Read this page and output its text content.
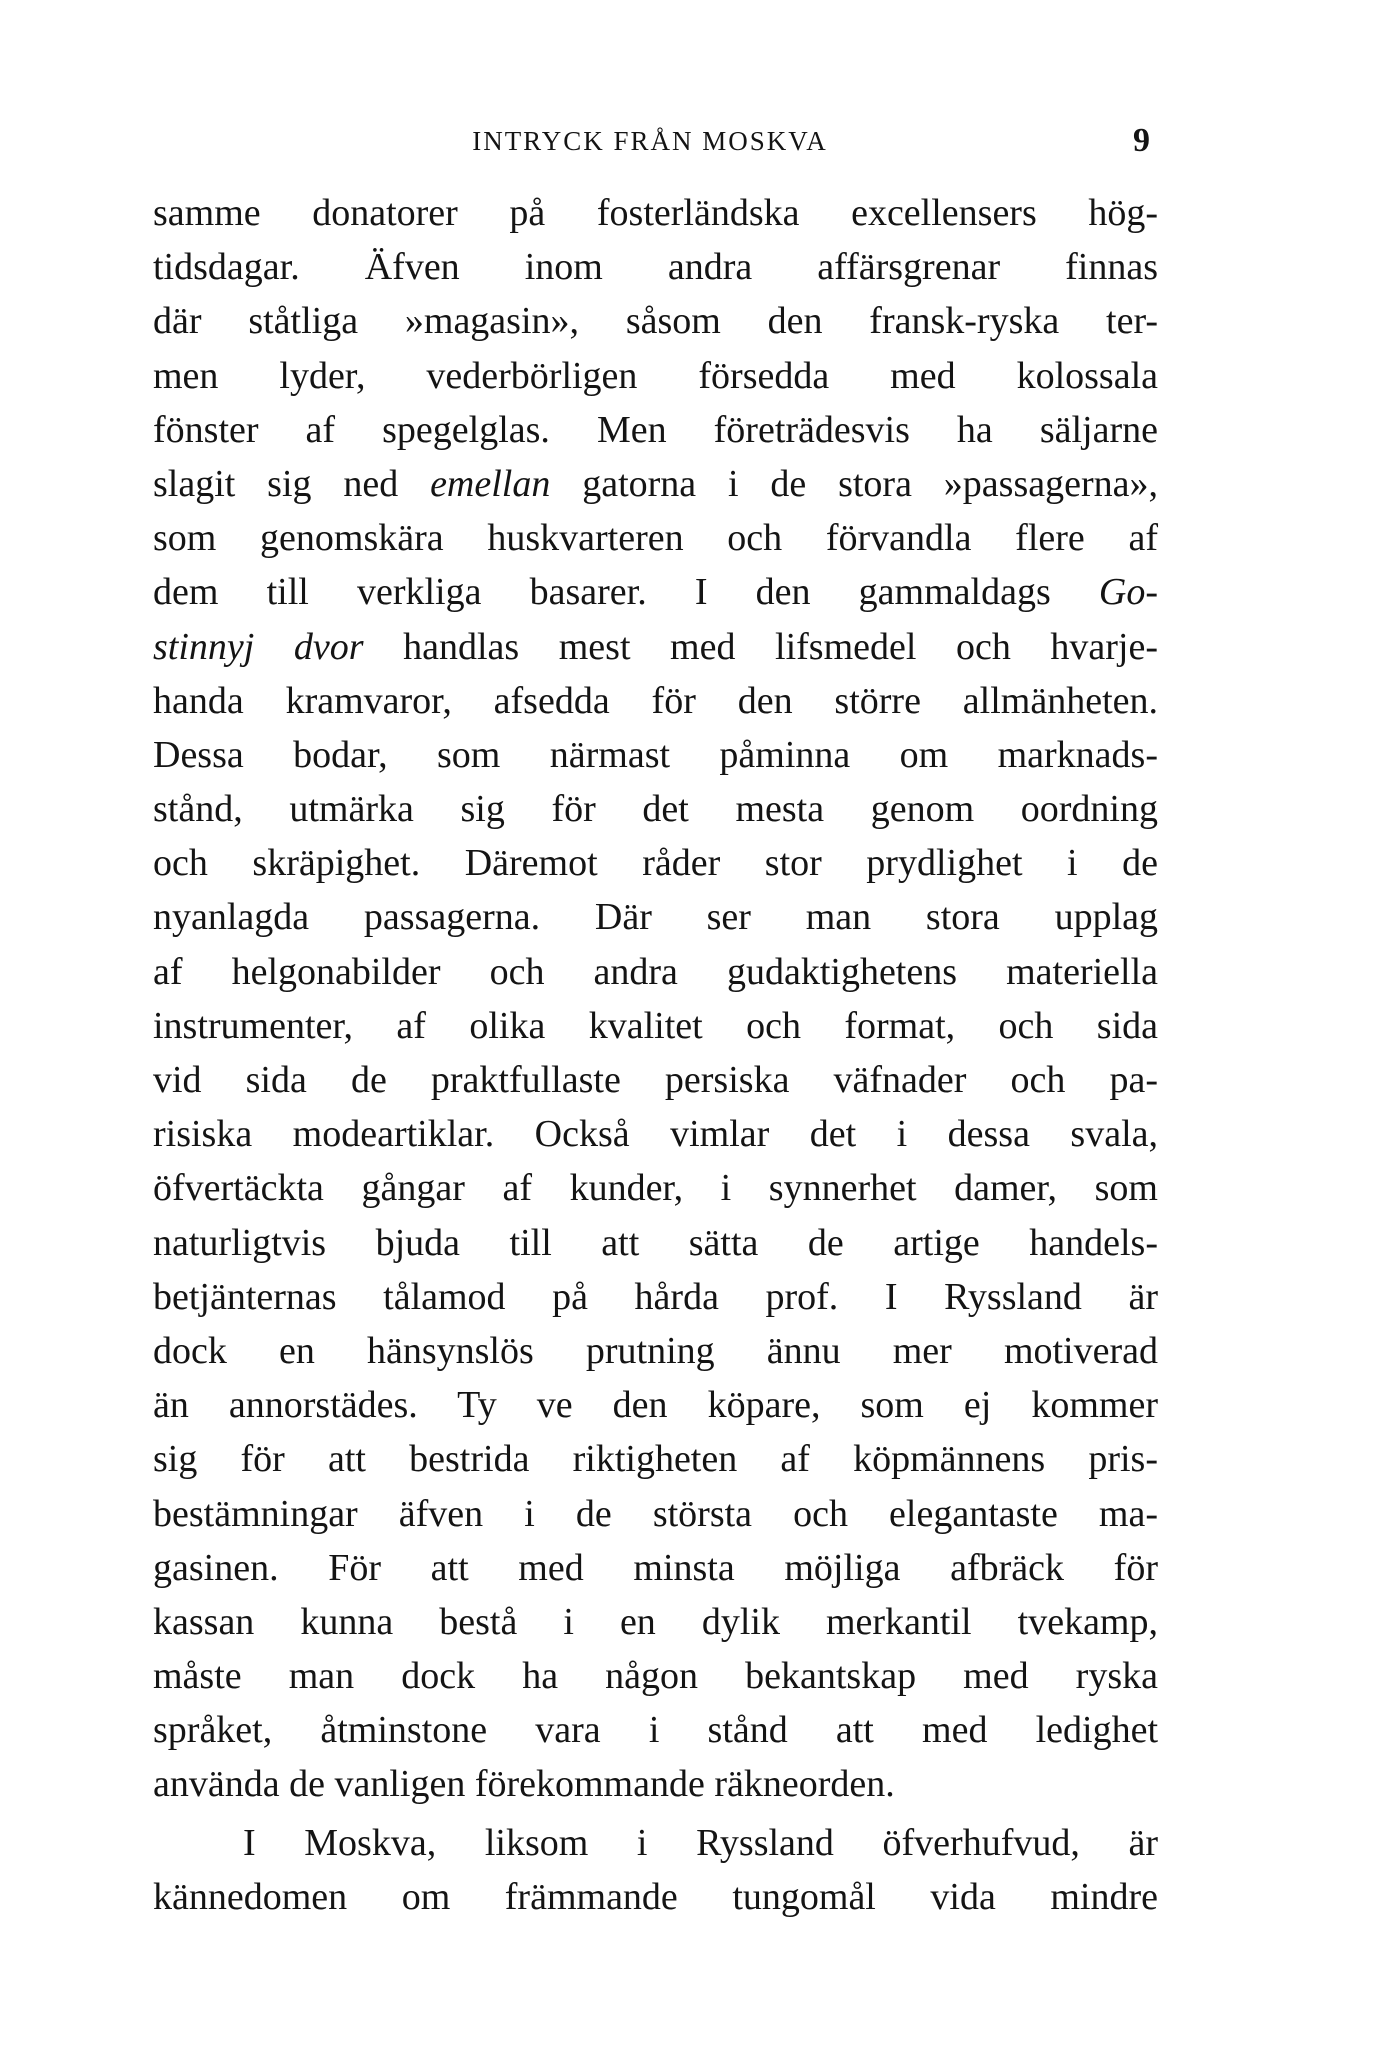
INTRYCK FRÅN MOSKVA	9
samme donatorer på fosterländska excellensers hög-
tidsdagar. Äfven inom andra affärsgrenar finnas
där ståtliga »magasin», såsom den fransk-ryska ter-
men lyder, vederbörligen försedda med kolossala
fönster af spegelglas. Men företrädesvis ha säljarne
slagit sig ned emellan gatorna i de stora »passagerna»,
som genomskära huskvarteren och förvandla flere af
dem till verkliga basarer. I den gammaldags Go-
stinnyj dvor handlas mest med lifsmedel och hvarje-
handa kramvaror, afsedda för den större allmänheten.
Dessa bodar, som närmast påminna om marknads-
stånd, utmärka sig för det mesta genom oordning
och skräpighet. Däremot råder stor prydlighet i de
nyanlagda passagerna. Där ser man stora upplag
af helgonabilder och andra gudaktighetens materiella
instrumenter, af olika kvalitet och format, och sida
vid sida de praktfullaste persiska väfnader och pa-
risiska modeartiklar. Också vimlar det i dessa svala,
öfvertäckta gångar af kunder, i synnerhet damer, som
naturligtvis bjuda till att sätta de artige handels-
betjänternas tålamod på hårda prof. I Ryssland är
dock en hänsynslös prutning ännu mer motiverad
än annorstädes. Ty ve den köpare, som ej kommer
sig för att bestrida riktigheten af köpmännens pris-
bestämningar äfven i de största och elegantaste ma-
gasinen. För att med minsta möjliga afbräck för
kassan kunna bestå i en dylik merkantil tvekamp,
måste man dock ha någon bekantskap med ryska
språket, åtminstone vara i stånd att med ledighet
använda de vanligen förekommande räkneorden.
I Moskva, liksom i Ryssland öfverhufvud, är
kännedomen om främmande tungomål vida mindre
